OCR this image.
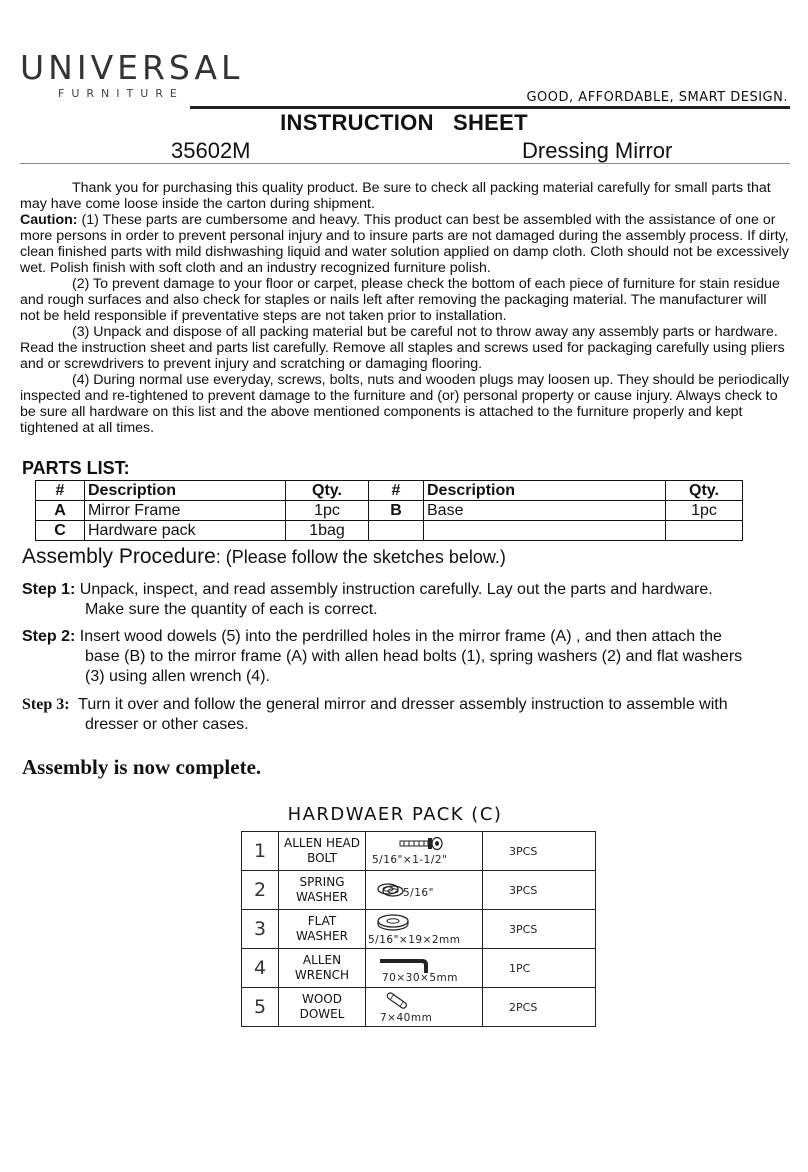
UNIVERSAL
FURNITURE	GOOD, AFFORDABLE, SMART DESIGN.
INSTRUCTION   SHEET
35602M	Dressing Mirror

Thank you for purchasing this quality product. Be sure to check all packing material carefully for small parts that may have come loose inside the carton during shipment.

Caution: (1) These parts are cumbersome and heavy. This product can best be assembled with the assistance of one or more persons in order to prevent personal injury and to insure parts are not damaged during the assembly process. If dirty, clean finished parts with mild dishwashing liquid and water solution applied on damp cloth. Cloth should not be excessively wet. Polish finish with soft cloth and an industry recognized furniture polish.

(2) To prevent damage to your floor or carpet, please check the bottom of each piece of furniture for stain residue and rough surfaces and also check for staples or nails left after removing the packaging material. The manufacturer will not be held responsible if preventative steps are not taken prior to installation.

(3) Unpack and dispose of all packing material but be careful not to throw away any assembly parts or hardware. Read the instruction sheet and parts list carefully. Remove all staples and screws used for packaging carefully using pliers and or screwdrivers to prevent injury and scratching or damaging flooring.

(4) During normal use everyday, screws, bolts, nuts and wooden plugs may loosen up. They should be periodically inspected and re-tightened to prevent damage to the furniture and (or) personal property or cause injury. Always check to be sure all hardware on this list and the above mentioned components is attached to the furniture properly and kept tightened at all times.

PARTS LIST:
#	Description	Qty.	#	Description	Qty.
A	Mirror Frame	1pc	B	Base	1pc
C	Hardware pack	1bag			
Assembly Procedure: (Please follow the sketches below.)
Step 1: Unpack, inspect, and read assembly instruction carefully. Lay out the parts and hardware.
Make sure the quantity of each is correct.
Step 2: Insert wood dowels (5) into the perdrilled holes in the mirror frame (A) , and then attach the
base (B) to the mirror frame (A) with allen head bolts (1), spring washers (2) and flat washers
(3) using allen wrench (4).
Step 3:  Turn it over and follow the general mirror and dresser assembly instruction to assemble with
dresser or other cases.
Assembly is now complete.
HARDWAER PACK (C)
1	ALLEN HEAD
BOLT	5/16"×1-1/2"	3PCS
2	SPRING
WASHER	5/16"	3PCS
3	FLAT
WASHER	5/16"×19×2mm	3PCS
4	ALLEN
WRENCH	70×30×5mm	1PC
5	WOOD
DOWEL	7×40mm	2PCS
